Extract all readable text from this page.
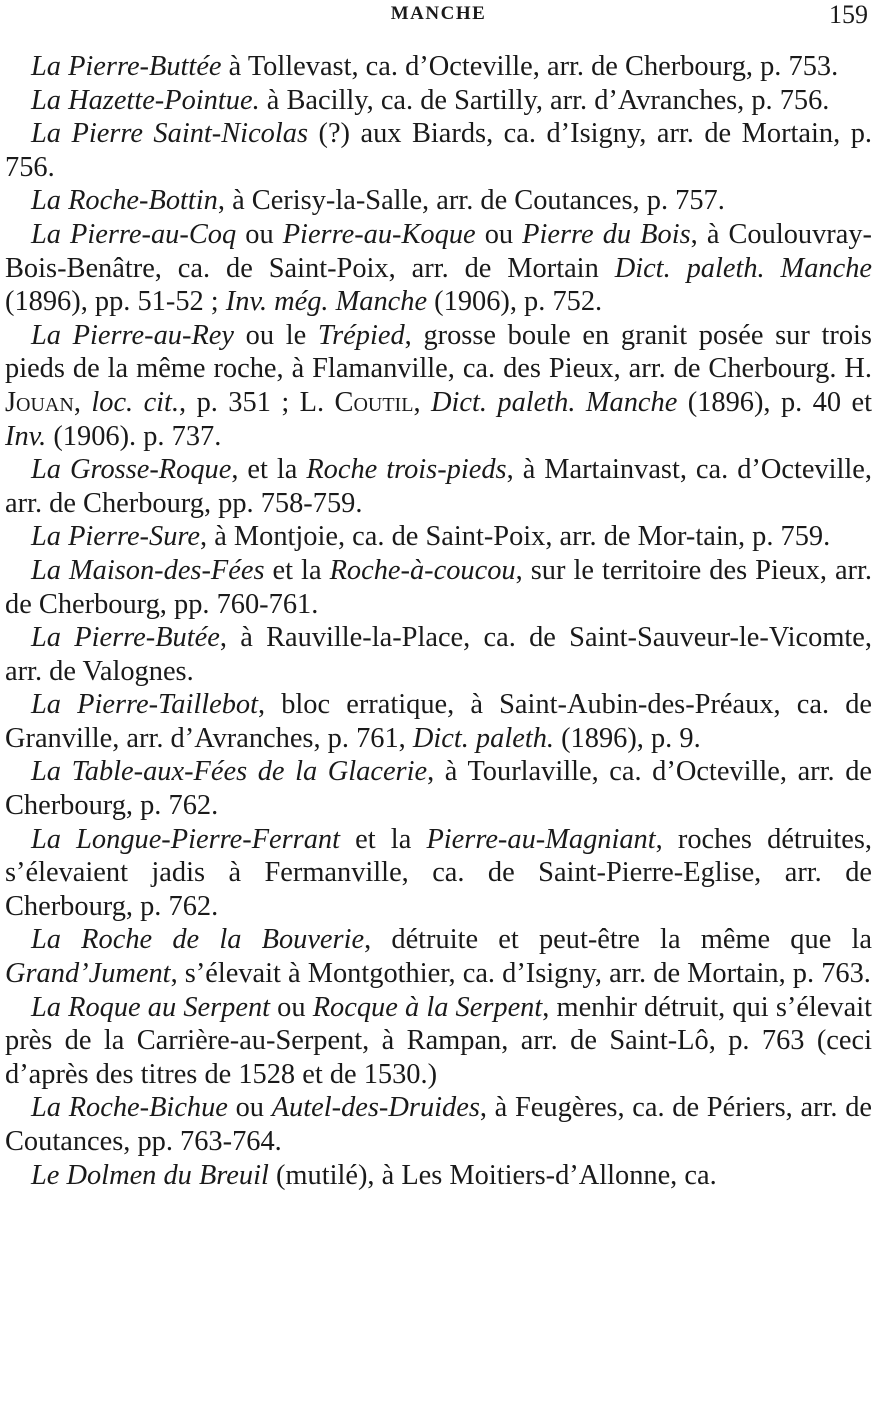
MANCHE	159

La Pierre-Buttée à Tollevast, ca. d’Octeville, arr. de Cherbourg, p. 753.

La Hazette-Pointue. à Bacilly, ca. de Sartilly, arr. d’Avranches, p. 756.

La Pierre Saint-Nicolas (?) aux Biards, ca. d’Isigny, arr. de Mortain, p. 756.

La Roche-Bottin, à Cerisy-la-Salle, arr. de Coutances, p. 757.

La Pierre-au-Coq ou Pierre-au-Koque ou Pierre du Bois, à Coulouvray-Bois-Benâtre, ca. de Saint-Poix, arr. de Mortain Dict. paleth. Manche (1896), pp. 51-52 ; Inv. még. Manche (1906), p. 752.

La Pierre-au-Rey ou le Trépied, grosse boule en granit posée sur trois pieds de la même roche, à Flamanville, ca. des Pieux, arr. de Cherbourg. H. Jouan, loc. cit., p. 351 ; L. Coutil, Dict. paleth. Manche (1896), p. 40 et Inv. (1906). p. 737.

La Grosse-Roque, et la Roche trois-pieds, à Martainvast, ca. d’Octeville, arr. de Cherbourg, pp. 758-759.

La Pierre-Sure, à Montjoie, ca. de Saint-Poix, arr. de Mor-tain, p. 759.

La Maison-des-Fées et la Roche-à-coucou, sur le territoire des Pieux, arr. de Cherbourg, pp. 760-761.

La Pierre-Butée, à Rauville-la-Place, ca. de Saint-Sauveur-le-Vicomte, arr. de Valognes.

La Pierre-Taillebot, bloc erratique, à Saint-Aubin-des-Préaux, ca. de Granville, arr. d’Avranches, p. 761, Dict. paleth. (1896), p. 9.

La Table-aux-Fées de la Glacerie, à Tourlaville, ca. d’Octeville, arr. de Cherbourg, p. 762.

La Longue-Pierre-Ferrant et la Pierre-au-Magniant, roches détruites, s’élevaient jadis à Fermanville, ca. de Saint-Pierre-Eglise, arr. de Cherbourg, p. 762.

La Roche de la Bouverie, détruite et peut-être la même que la Grand’Jument, s’élevait à Montgothier, ca. d’Isigny, arr. de Mortain, p. 763.

La Roque au Serpent ou Rocque à la Serpent, menhir détruit, qui s’élevait près de la Carrière-au-Serpent, à Rampan, arr. de Saint-Lô, p. 763 (ceci d’après des titres de 1528 et de 1530.)

La Roche-Bichue ou Autel-des-Druides, à Feugères, ca. de Périers, arr. de Coutances, pp. 763-764.

Le Dolmen du Breuil (mutilé), à Les Moitiers-d’Allonne, ca.
